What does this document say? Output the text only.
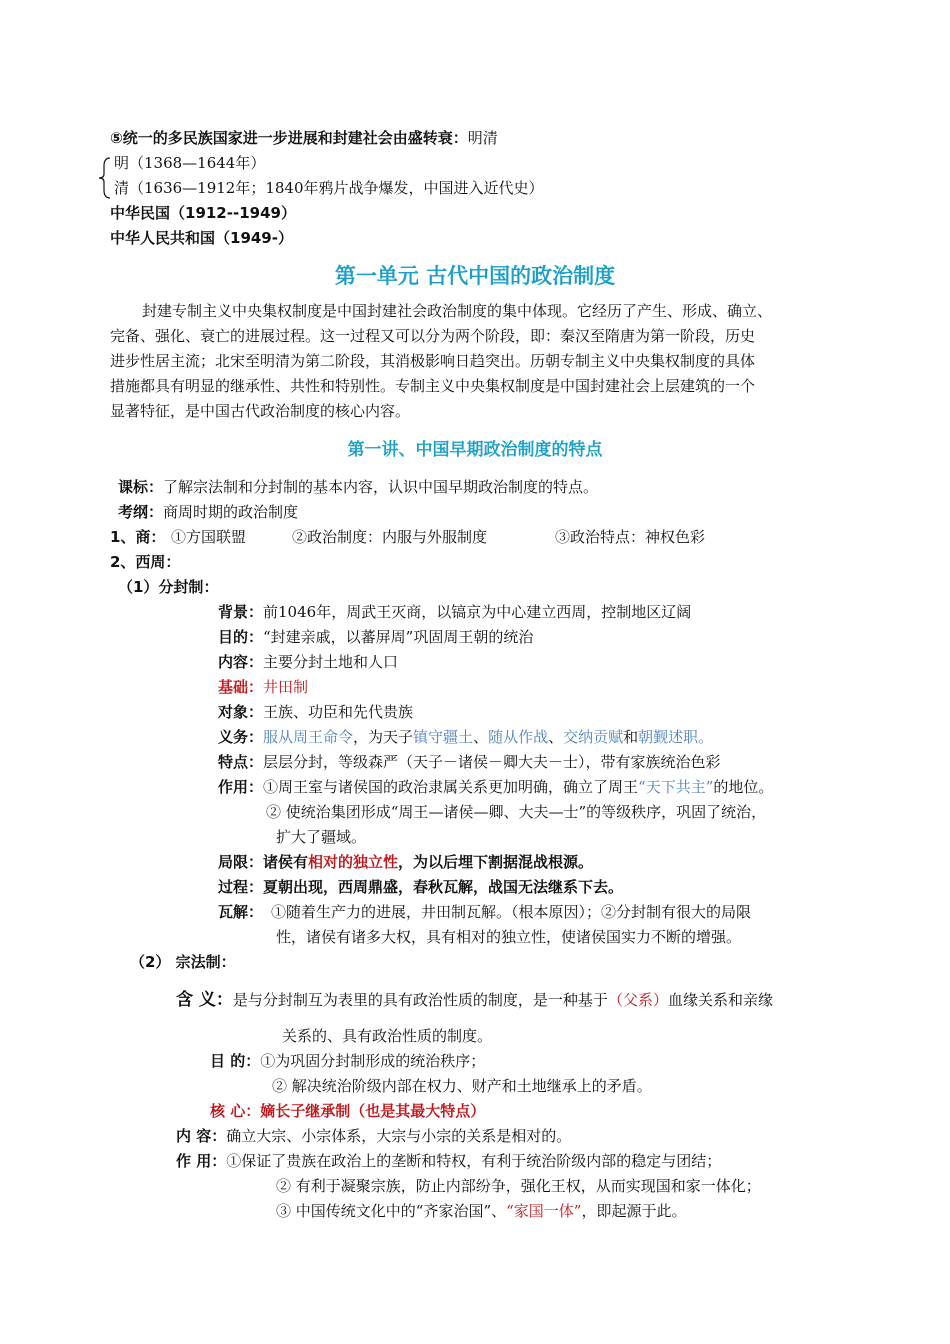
⑤统一的多民族国家进一步进展和封建社会由盛转衰：明清
明（1368—1644年）
清（1636—1912年；1840年鸦片战争爆发，中国进入近代史）
中华民国（1912--1949）
中华人民共和国（1949-）
第一单元 古代中国的政治制度
封建专制主义中央集权制度是中国封建社会政治制度的集中体现。它经历了产生、形成、确立、
完备、强化、衰亡的进展过程。这一过程又可以分为两个阶段，即：秦汉至隋唐为第一阶段，历史
进步性居主流；北宋至明清为第二阶段，其消极影响日趋突出。历朝专制主义中央集权制度的具体
措施都具有明显的继承性、共性和特别性。专制主义中央集权制度是中国封建社会上层建筑的一个
显著特征，是中国古代政治制度的核心内容。
第一讲、中国早期政治制度的特点
课标：了解宗法制和分封制的基本内容，认识中国早期政治制度的特点。
考纲：商周时期的政治制度
1、商： ①方国联盟	②政治制度：内服与外服制度	③政治特点：神权色彩
2、西周：
（1）分封制：
背景：前1046年，周武王灭商，以镐京为中心建立西周，控制地区辽阔
目的：“封建亲戚，以蕃屏周”巩固周王朝的统治
内容：主要分封土地和人口
基础：井田制
对象：王族、功臣和先代贵族
义务：服从周王命令，为天子镇守疆土、随从作战、交纳贡赋和朝觐述职。
特点：层层分封，等级森严（天子－诸侯－卿大夫－士），带有家族统治色彩
作用：①周王室与诸侯国的政治隶属关系更加明确，确立了周王“天下共主”的地位。
② 使统治集团形成“周王—诸侯—卿、大夫—士”的等级秩序，巩固了统治，
扩大了疆域。
局限：诸侯有相对的独立性，为以后埋下割据混战根源。
过程：夏朝出现，西周鼎盛，春秋瓦解，战国无法继系下去。
瓦解： ①随着生产力的进展，井田制瓦解。（根本原因）；②分封制有很大的局限
性，诸侯有诸多大权，具有相对的独立性，使诸侯国实力不断的增强。
（2） 宗法制：
含 义：是与分封制互为表里的具有政治性质的制度，是一种基于（父系）血缘关系和亲缘
关系的、具有政治性质的制度。
目 的：①为巩固分封制形成的统治秩序；
② 解决统治阶级内部在权力、财产和土地继承上的矛盾。
核 心：嫡长子继承制（也是其最大特点）
内 容：确立大宗、小宗体系，大宗与小宗的关系是相对的。
作 用：①保证了贵族在政治上的垄断和特权，有利于统治阶级内部的稳定与团结；
② 有利于凝聚宗族，防止内部纷争，强化王权，从而实现国和家一体化；
③ 中国传统文化中的“齐家治国”、“家国一体”，即起源于此。
